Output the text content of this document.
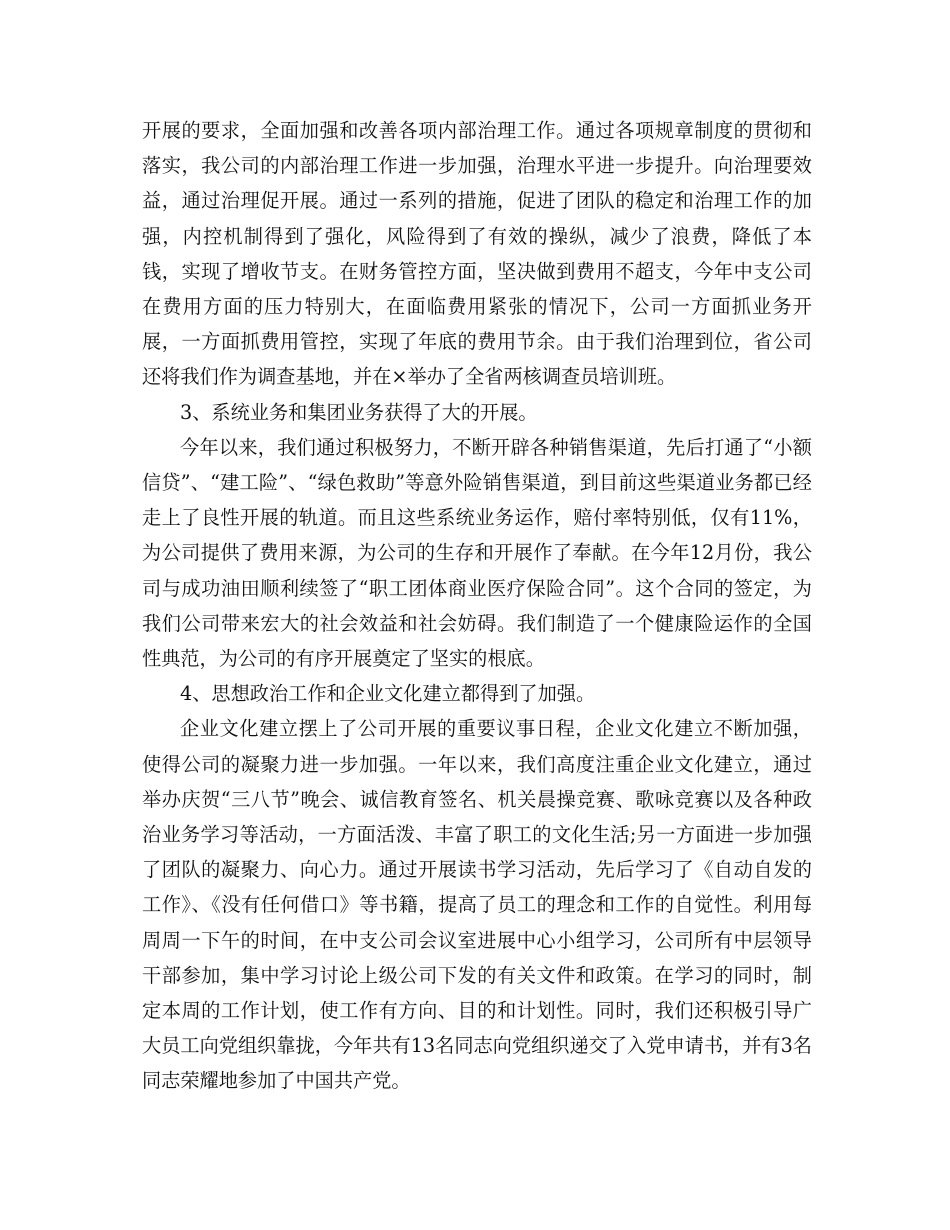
开展的要求，全面加强和改善各项内部治理工作。通过各项规章制度的贯彻和落实，我公司的内部治理工作进一步加强，治理水平进一步提升。向治理要效益，通过治理促开展。通过一系列的措施，促进了团队的稳定和治理工作的加强，内控机制得到了强化，风险得到了有效的操纵，减少了浪费，降低了本钱，实现了增收节支。在财务管控方面，坚决做到费用不超支，今年中支公司在费用方面的压力特别大，在面临费用紧张的情况下，公司一方面抓业务开展，一方面抓费用管控，实现了年底的费用节余。由于我们治理到位，省公司还将我们作为调查基地，并在×举办了全省两核调查员培训班。

3、系统业务和集团业务获得了大的开展。

今年以来，我们通过积极努力，不断开辟各种销售渠道，先后打通了“小额信贷”、“建工险”、“绿色救助”等意外险销售渠道，到目前这些渠道业务都已经走上了良性开展的轨道。而且这些系统业务运作，赔付率特别低，仅有11%，为公司提供了费用来源，为公司的生存和开展作了奉献。在今年12月份，我公司与成功油田顺利续签了“职工团体商业医疗保险合同”。这个合同的签定，为我们公司带来宏大的社会效益和社会妨碍。我们制造了一个健康险运作的全国性典范，为公司的有序开展奠定了坚实的根底。

4、思想政治工作和企业文化建立都得到了加强。

企业文化建立摆上了公司开展的重要议事日程，企业文化建立不断加强，使得公司的凝聚力进一步加强。一年以来，我们高度注重企业文化建立，通过举办庆贺“三八节”晚会、诚信教育签名、机关晨操竞赛、歌咏竞赛以及各种政治业务学习等活动，一方面活泼、丰富了职工的文化生活;另一方面进一步加强了团队的凝聚力、向心力。通过开展读书学习活动，先后学习了《自动自发的工作》、《没有任何借口》等书籍，提高了员工的理念和工作的自觉性。利用每周周一下午的时间，在中支公司会议室进展中心小组学习，公司所有中层领导干部参加，集中学习讨论上级公司下发的有关文件和政策。在学习的同时，制定本周的工作计划，使工作有方向、目的和计划性。同时，我们还积极引导广大员工向党组织靠拢，今年共有13名同志向党组织递交了入党申请书，并有3名同志荣耀地参加了中国共产党。
